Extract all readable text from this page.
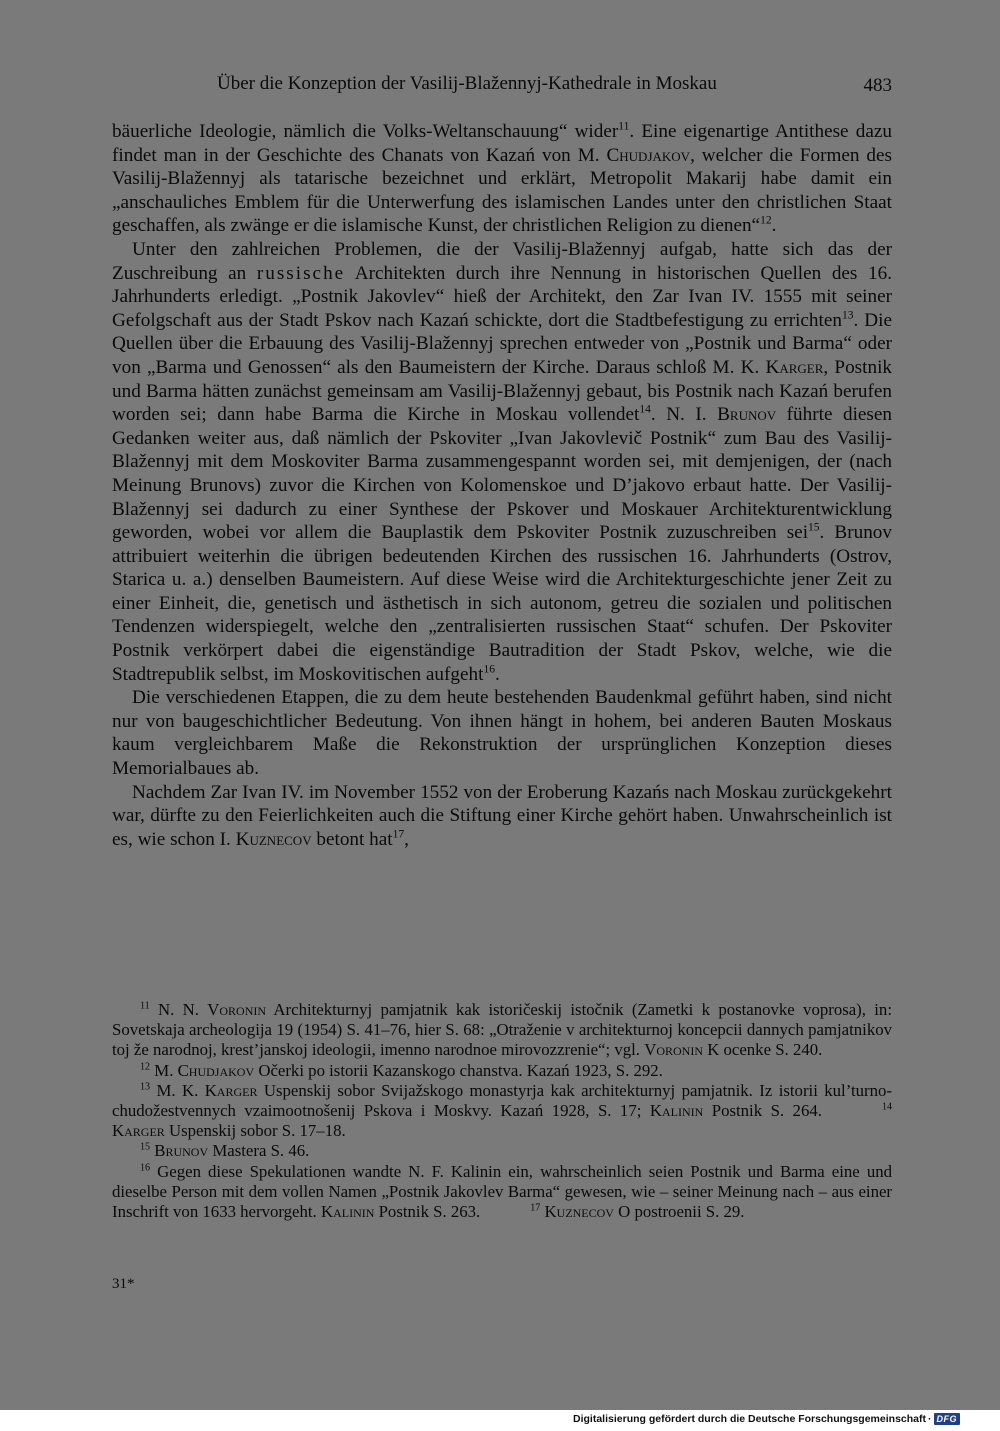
Über die Konzeption der Vasilij-Blažennyj-Kathedrale in Moskau	483

bäuerliche Ideologie, nämlich die Volks-Weltanschauung“ wider$^{11}$. Eine eigenartige Antithese dazu findet man in der Geschichte des Chanats von Kazań von M. Chudjakov, welcher die Formen des Vasilij-Blažennyj als tatarische bezeichnet und erklärt, Metropolit Makarij habe damit ein „anschauliches Emblem für die Unterwerfung des islamischen Landes unter den christlichen Staat geschaffen, als zwänge er die islamische Kunst, der christlichen Religion zu dienen“$^{12}$.

Unter den zahlreichen Problemen, die der Vasilij-Blažennyj aufgab, hatte sich das der Zuschreibung an russische Architekten durch ihre Nennung in historischen Quellen des 16. Jahrhunderts erledigt. „Postnik Jakovlev“ hieß der Architekt, den Zar Ivan IV. 1555 mit seiner Gefolgschaft aus der Stadt Pskov nach Kazań schickte, dort die Stadtbefestigung zu errichten$^{13}$. Die Quellen über die Erbauung des Vasilij-Blažennyj sprechen entweder von „Postnik und Barma“ oder von „Barma und Genossen“ als den Baumeistern der Kirche. Daraus schloß M. K. Karger, Postnik und Barma hätten zunächst gemeinsam am Vasilij-Blažennyj gebaut, bis Postnik nach Kazań berufen worden sei; dann habe Barma die Kirche in Moskau vollendet$^{14}$. N. I. Brunov führte diesen Gedanken weiter aus, daß nämlich der Pskoviter „Ivan Jakovlevič Postnik“ zum Bau des Vasilij-Blažennyj mit dem Moskoviter Barma zusammengespannt worden sei, mit demjenigen, der (nach Meinung Brunovs) zuvor die Kirchen von Kolomenskoe und D’jakovo erbaut hatte. Der Vasilij-Blažennyj sei dadurch zu einer Synthese der Pskover und Moskauer Architekturentwicklung geworden, wobei vor allem die Bauplastik dem Pskoviter Postnik zuzuschreiben sei$^{15}$. Brunov attribuiert weiterhin die übrigen bedeutenden Kirchen des russischen 16. Jahrhunderts (Ostrov, Starica u. a.) denselben Baumeistern. Auf diese Weise wird die Architekturgeschichte jener Zeit zu einer Einheit, die, genetisch und ästhetisch in sich autonom, getreu die sozialen und politischen Tendenzen widerspiegelt, welche den „zentralisierten russischen Staat“ schufen. Der Pskoviter Postnik verkörpert dabei die eigenständige Bautradition der Stadt Pskov, welche, wie die Stadtrepublik selbst, im Moskovitischen aufgeht$^{16}$.

Die verschiedenen Etappen, die zu dem heute bestehenden Baudenkmal geführt haben, sind nicht nur von baugeschichtlicher Bedeutung. Von ihnen hängt in hohem, bei anderen Bauten Moskaus kaum vergleichbarem Maße die Rekonstruktion der ursprünglichen Konzeption dieses Memorialbaues ab.

Nachdem Zar Ivan IV. im November 1552 von der Eroberung Kazańs nach Moskau zurückgekehrt war, dürfte zu den Feierlichkeiten auch die Stiftung einer Kirche gehört haben. Unwahrscheinlich ist es, wie schon I. Kuznecov betont hat$^{17}$,

$^{11}$ N. N. Voronin Architekturnyj pamjatnik kak istoričeskij istočnik (Zametki k postanovke voprosa), in: Sovetskaja archeologija 19 (1954) S. 41–76, hier S. 68: „Otraženie v architekturnoj koncepcii dannych pamjatnikov toj že narodnoj, krest’janskoj ideologii, imenno narodnoe mirovozzrenie“; vgl. Voronin K ocenke S. 240.

$^{12}$ M. Chudjakov Očerki po istorii Kazanskogo chanstva. Kazań 1923, S. 292.

$^{13}$ M. K. Karger Uspenskij sobor Svijažskogo monastyrja kak architekturnyj pamjatnik. Iz istorii kul’turno-chudožestvennych vzaimootnošenij Pskova i Moskvy. Kazań 1928, S. 17; Kalinin Postnik S. 264.	$^{14}$ Karger Uspenskij sobor S. 17–18.

$^{15}$ Brunov Mastera S. 46.

$^{16}$ Gegen diese Spekulationen wandte N. F. Kalinin ein, wahrscheinlich seien Postnik und Barma eine und dieselbe Person mit dem vollen Namen „Postnik Jakovlev Barma“ gewesen, wie – seiner Meinung nach – aus einer Inschrift von 1633 hervorgeht. Kalinin Postnik S. 263.	$^{17}$ Kuznecov O postroenii S. 29.

31*
Digitalisierung gefördert durch die Deutsche Forschungsgemeinschaft · DFG
